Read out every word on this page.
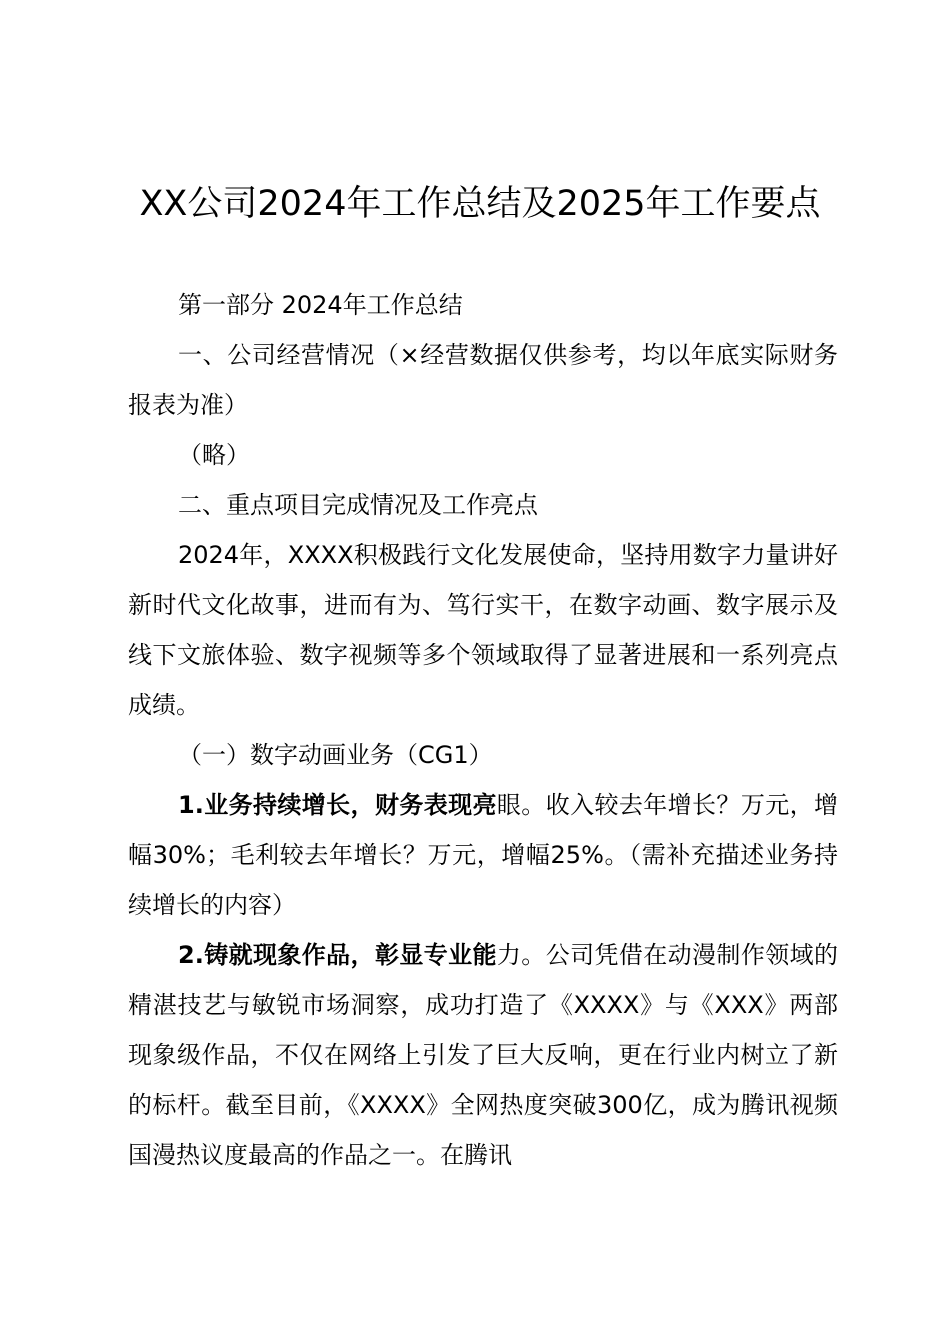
XX公司2024年工作总结及2025年工作要点

第一部分 2024年工作总结

一、公司经营情况（×经营数据仅供参考，均以年底实际财务报表为准）

（略）

二、重点项目完成情况及工作亮点

2024年，XXXX积极践行文化发展使命，坚持用数字力量讲好新时代文化故事，进而有为、笃行实干，在数字动画、数字展示及线下文旅体验、数字视频等多个领域取得了显著进展和一系列亮点成绩。

（一）数字动画业务（CG1）

1.业务持续增长，财务表现亮眼。收入较去年增长？万元，增幅30%；毛利较去年增长？万元，增幅25%。（需补充描述业务持续增长的内容）

2.铸就现象作品，彰显专业能力。公司凭借在动漫制作领域的精湛技艺与敏锐市场洞察，成功打造了《XXXX》与《XXX》两部现象级作品，不仅在网络上引发了巨大反响，更在行业内树立了新的标杆。截至目前，《XXXX》全网热度突破300亿，成为腾讯视频国漫热议度最高的作品之一。在腾讯
